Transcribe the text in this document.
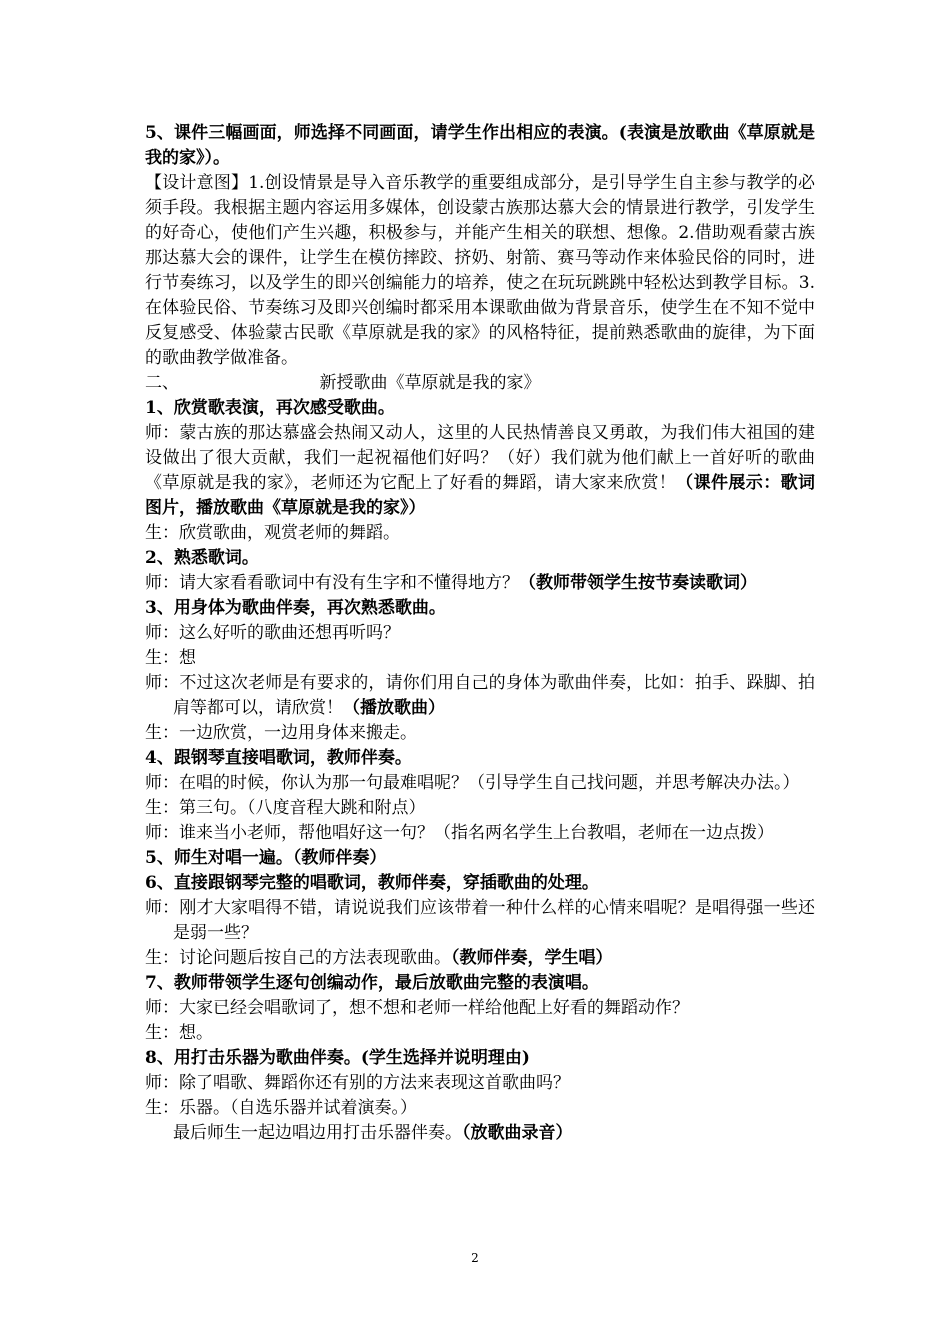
5、课件三幅画面，师选择不同画面，请学生作出相应的表演。(表演是放歌曲《草原就是我的家》）。

【设计意图】1.创设情景是导入音乐教学的重要组成部分，是引导学生自主参与教学的必须手段。我根据主题内容运用多媒体，创设蒙古族那达慕大会的情景进行教学，引发学生的好奇心，使他们产生兴趣，积极参与，并能产生相关的联想、想像。2.借助观看蒙古族那达慕大会的课件，让学生在模仿摔跤、挤奶、射箭、赛马等动作来体验民俗的同时，进行节奏练习，以及学生的即兴创编能力的培养，使之在玩玩跳跳中轻松达到教学目标。3.在体验民俗、节奏练习及即兴创编时都采用本课歌曲做为背景音乐，使学生在不知不觉中反复感受、体验蒙古民歌《草原就是我的家》的风格特征，提前熟悉歌曲的旋律，为下面的歌曲教学做准备。

二、	新授歌曲《草原就是我的家》

1、欣赏歌表演，再次感受歌曲。

师：蒙古族的那达慕盛会热闹又动人，这里的人民热情善良又勇敢，为我们伟大祖国的建设做出了很大贡献，我们一起祝福他们好吗？（好）我们就为他们献上一首好听的歌曲《草原就是我的家》，老师还为它配上了好看的舞蹈，请大家来欣赏！（课件展示：歌词图片，播放歌曲《草原就是我的家》）

生：欣赏歌曲，观赏老师的舞蹈。

2、熟悉歌词。

师：请大家看看歌词中有没有生字和不懂得地方？（教师带领学生按节奏读歌词）

3、用身体为歌曲伴奏，再次熟悉歌曲。

师：这么好听的歌曲还想再听吗？

生：想

师：不过这次老师是有要求的，请你们用自己的身体为歌曲伴奏，比如：拍手、跺脚、拍肩等都可以，请欣赏！（播放歌曲）

生：一边欣赏，一边用身体来搬走。

4、跟钢琴直接唱歌词，教师伴奏。

师：在唱的时候，你认为那一句最难唱呢？（引导学生自己找问题，并思考解决办法。）

生：第三句。（八度音程大跳和附点）

师：谁来当小老师，帮他唱好这一句？（指名两名学生上台教唱，老师在一边点拨）

5、师生对唱一遍。（教师伴奏）

6、直接跟钢琴完整的唱歌词，教师伴奏，穿插歌曲的处理。

师：刚才大家唱得不错，请说说我们应该带着一种什么样的心情来唱呢？是唱得强一些还是弱一些？

生：讨论问题后按自己的方法表现歌曲。（教师伴奏，学生唱）

7、教师带领学生逐句创编动作，最后放歌曲完整的表演唱。

师：大家已经会唱歌词了，想不想和老师一样给他配上好看的舞蹈动作？

生：想。

8、用打击乐器为歌曲伴奏。(学生选择并说明理由)

师：除了唱歌、舞蹈你还有别的方法来表现这首歌曲吗？

生：乐器。（自选乐器并试着演奏。）

最后师生一起边唱边用打击乐器伴奏。（放歌曲录音）

2
